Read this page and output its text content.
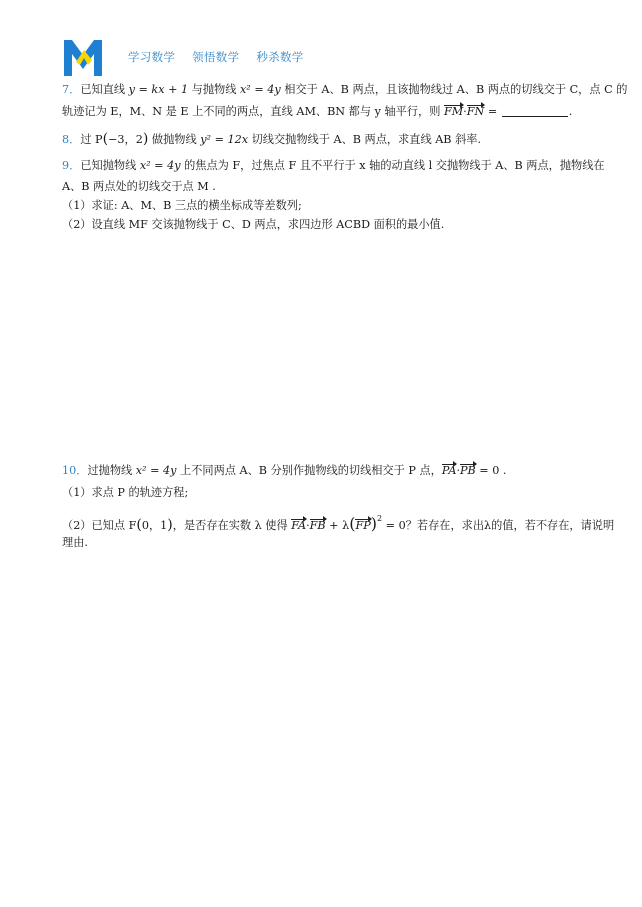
学习数学 领悟数学 秒杀数学
7．已知直线 y = kx + 1 与抛物线 x² = 4y 相交于 A、B 两点，且该抛物线过 A、B 两点的切线交于 C，点 C 的
轨迹记为 E，M、N 是 E 上不同的两点，直线 AM、BN 都与 y 轴平行，则 FM·FN =	.
8．过 P(−3，2) 做抛物线 y² = 12x 切线交抛物线于 A、B 两点，求直线 AB 斜率.
9．已知抛物线 x² = 4y 的焦点为 F，过焦点 F 且不平行于 x 轴的动直线 l 交抛物线于 A、B 两点，抛物线在
A、B 两点处的切线交于点 M .
（1）求证: A、M、B 三点的横坐标成等差数列;
（2）设直线 MF 交该抛物线于 C、D 两点，求四边形 ACBD 面积的最小值.
10．过抛物线 x² = 4y 上不同两点 A、B 分别作抛物线的切线相交于 P 点，PA·PB = 0 .
（1）求点 P 的轨迹方程;
（2）已知点 F(0，1)，是否存在实数 λ 使得 FA·FB + λ(FP)$^2$ = 0？若存在，求出λ的值，若不存在，请说明
理由.
